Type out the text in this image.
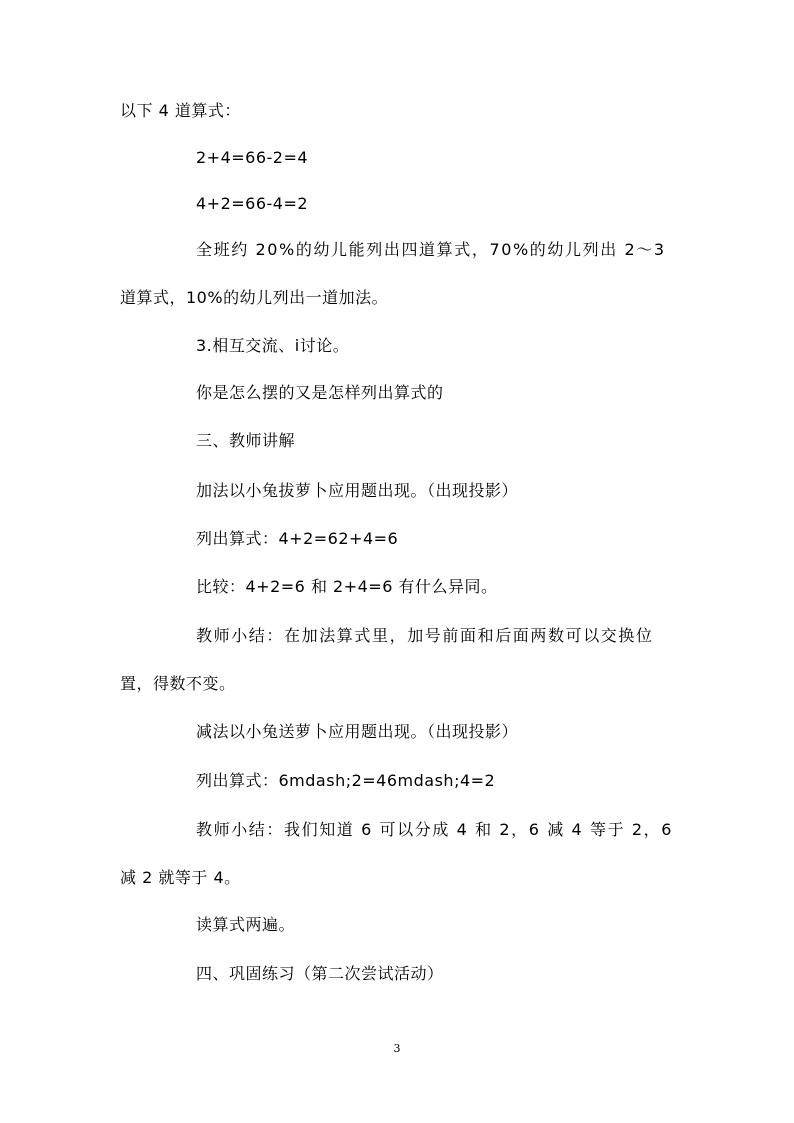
以下 4 道算式：
2+4=66-2=4
4+2=66-4=2
全班约 20%的幼儿能列出四道算式，70%的幼儿列出 2～3
道算式，10%的幼儿列出一道加法。
3.相互交流、i讨论。
你是怎么摆的又是怎样列出算式的
三、教师讲解
加法以小兔拔萝卜应用题出现。（出现投影）
列出算式：4+2=62+4=6
比较：4+2=6 和 2+4=6 有什么异同。
教师小结：在加法算式里，加号前面和后面两数可以交换位
置，得数不变。
减法以小兔送萝卜应用题出现。（出现投影）
列出算式：6mdash;2=46mdash;4=2
教师小结：我们知道 6 可以分成 4 和 2，6 减 4 等于 2，6
减 2 就等于 4。
读算式两遍。
四、巩固练习（第二次尝试活动）
3
